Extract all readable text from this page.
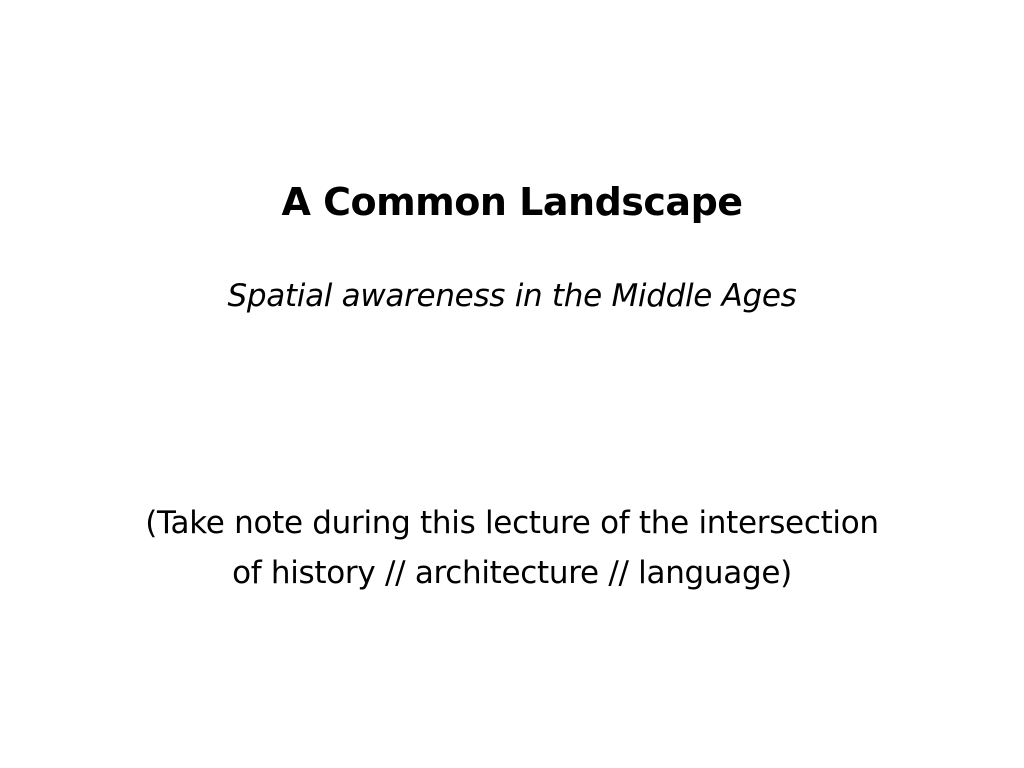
A Common Landscape
Spatial awareness in the Middle Ages
(Take note during this lecture of the intersection
of history // architecture // language)
